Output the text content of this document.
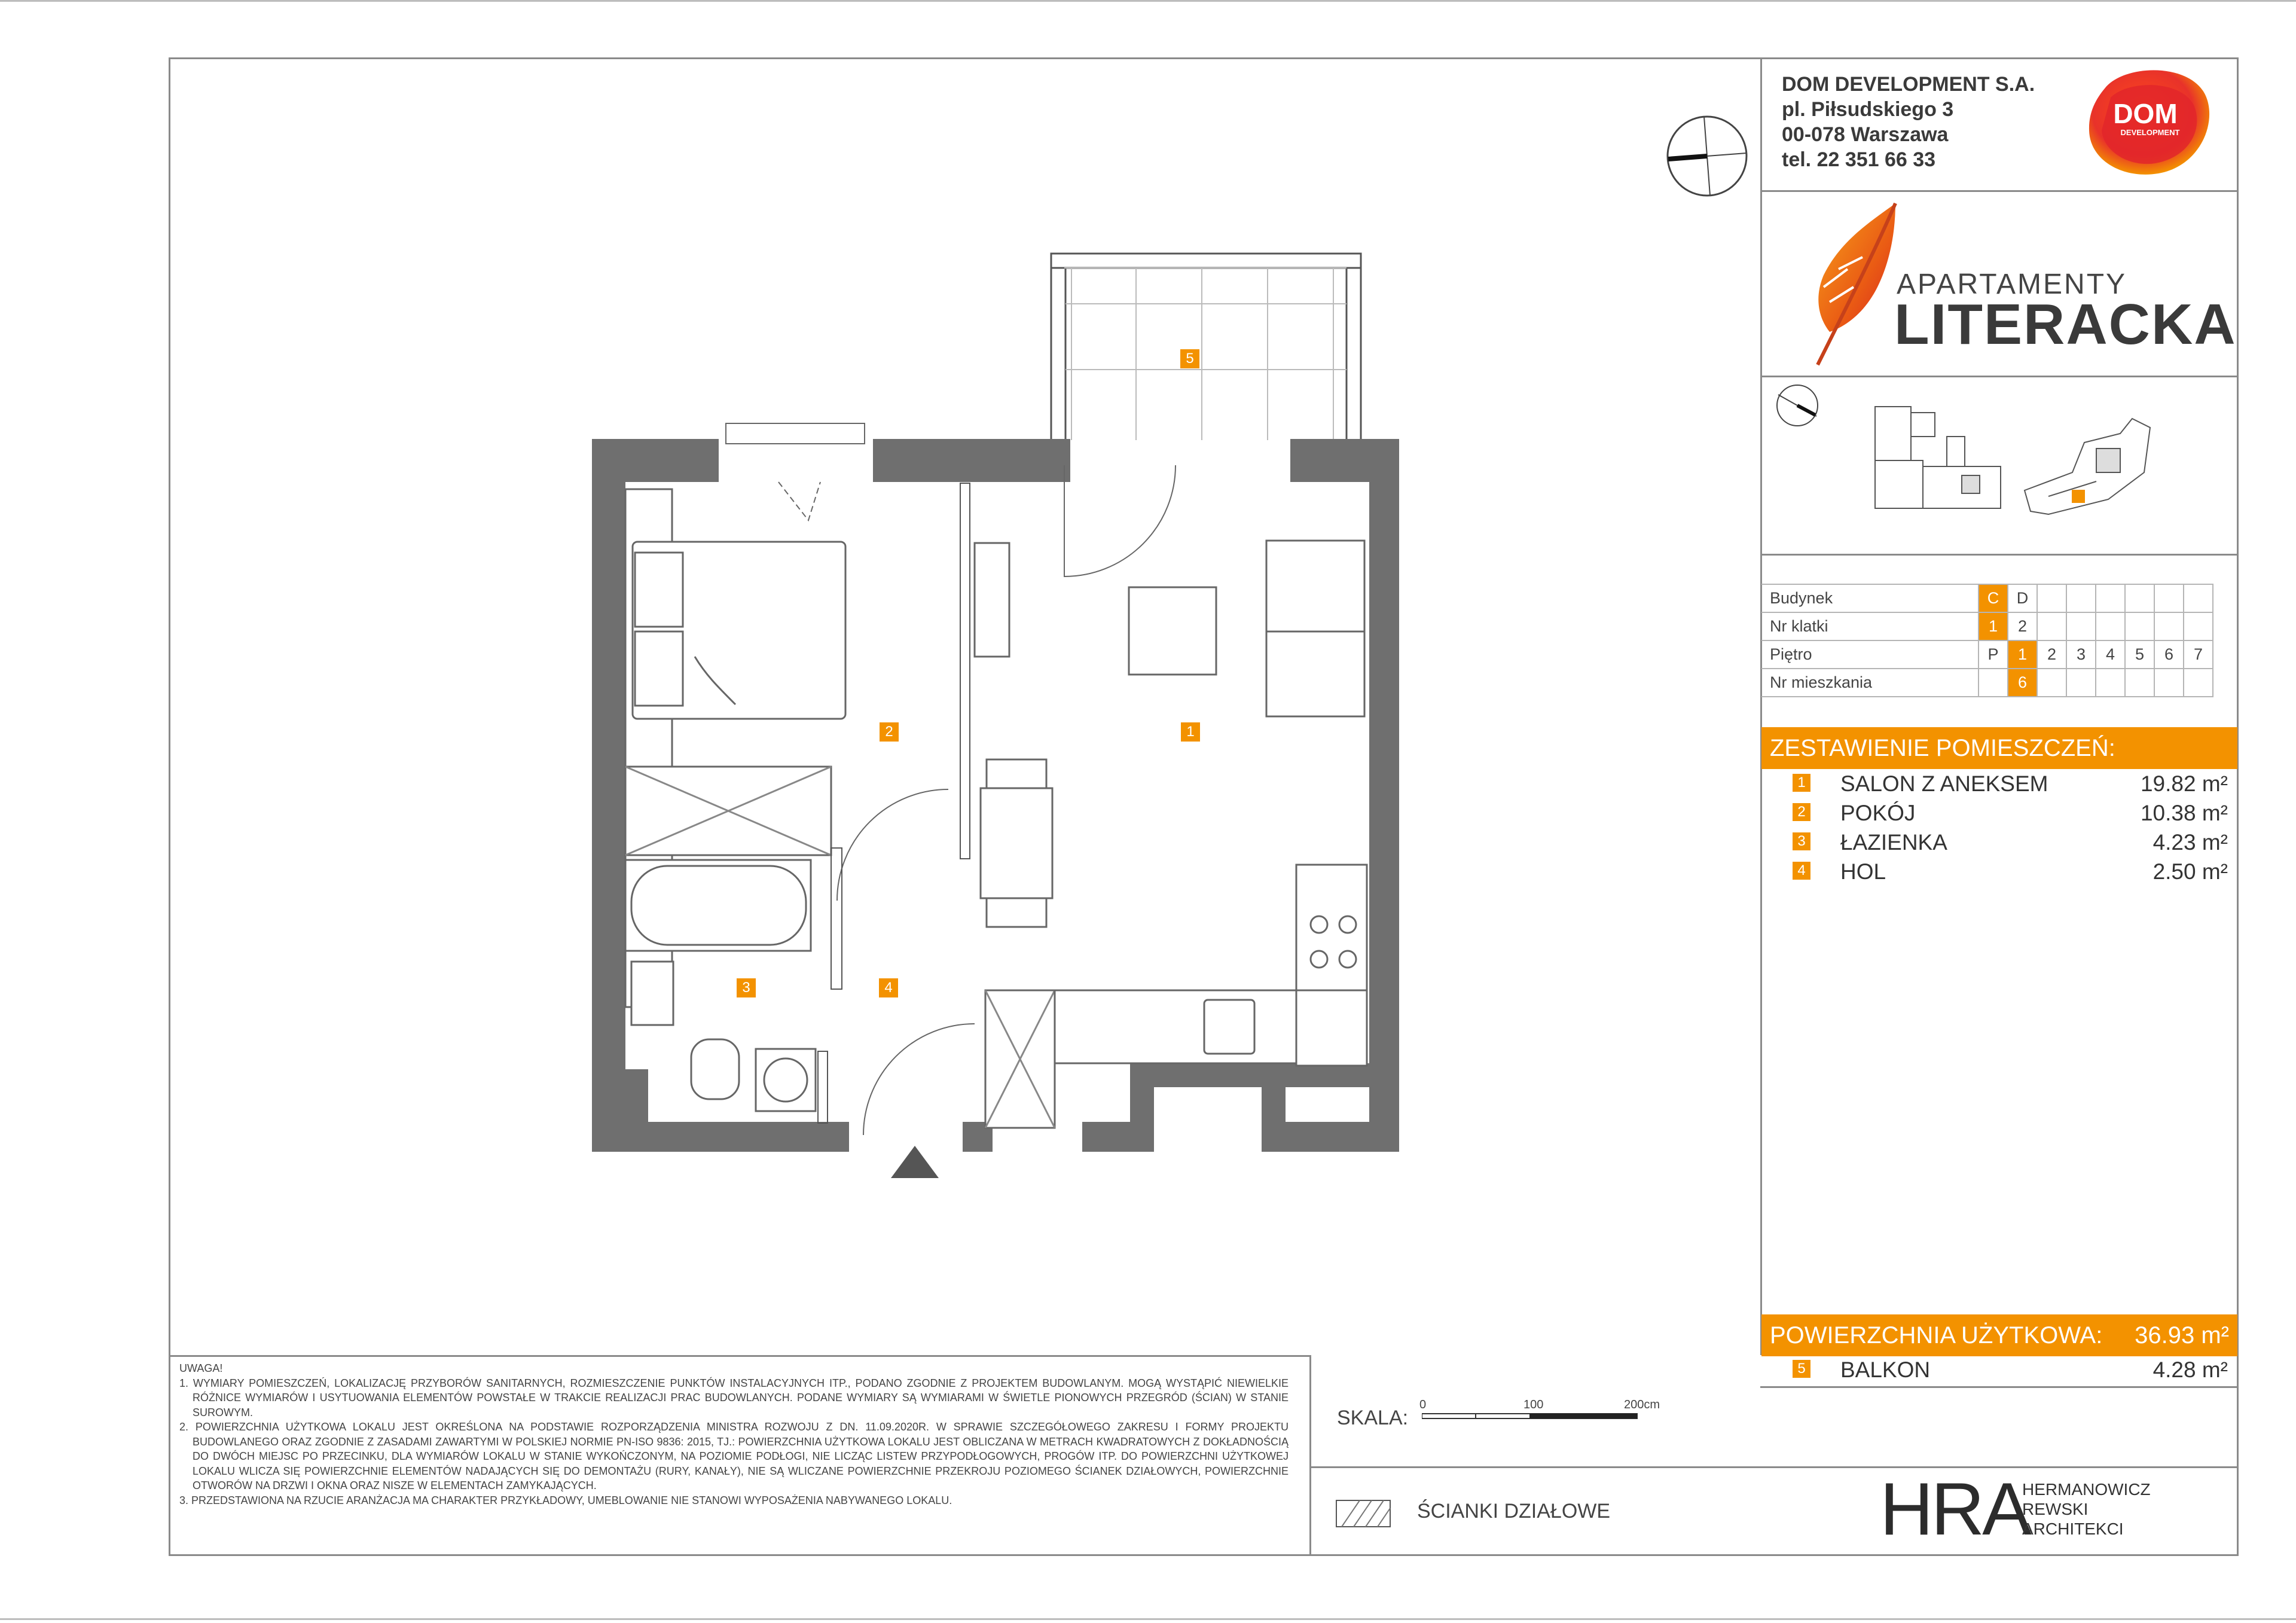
DOM DEVELOPMENT S.A.
pl. Piłsudskiego 3
00-078 Warszawa
tel. 22 351 66 33
DOM
DEVELOPMENT
APARTAMENTY
LITERACKA
Budynek	C	D						
Nr klatki	1	2						
Piętro	P	1	2	3	4	5	6	7
Nr mieszkania		6						
ZESTAWIENIE POMIESZCZEŃ:
1 SALON Z ANEKSEM	19.82 m²
2 POKÓJ	10.38 m²
3 ŁAZIENKA	4.23 m²
4 HOL	2.50 m²
POWIERZCHNIA UŻYTKOWA: 36.93 m²
5 BALKON	4.28 m²
UWAGA!
1. WYMIARY POMIESZCZEŃ, LOKALIZACJĘ PRZYBORÓW SANITARNYCH, ROZMIESZCZENIE PUNKTÓW INSTALACYJNYCH ITP., PODANO ZGODNIE Z PROJEKTEM BUDOWLANYM. MOGĄ WYSTĄPIĆ NIEWIELKIE RÓŻNICE WYMIARÓW I USYTUOWANIA ELEMENTÓW POWSTAŁE W TRAKCIE REALIZACJI PRAC BUDOWLANYCH. PODANE WYMIARY SĄ WYMIARAMI W ŚWIETLE PIONOWYCH PRZEGRÓD (ŚCIAN) W STANIE SUROWYM.
2. POWIERZCHNIA UŻYTKOWA LOKALU JEST OKREŚLONA NA PODSTAWIE ROZPORZĄDZENIA MINISTRA ROZWOJU Z DN. 11.09.2020R. W SPRAWIE SZCZEGÓŁOWEGO ZAKRESU I FORMY PROJEKTU BUDOWLANEGO ORAZ ZGODNIE Z ZASADAMI ZAWARTYMI W POLSKIEJ NORMIE PN-ISO 9836: 2015, TJ.: POWIERZCHNIA UŻYTKOWA LOKALU JEST OBLICZANA W METRACH KWADRATOWYCH Z DOKŁADNOŚCIĄ DO DWÓCH MIEJSC PO PRZECINKU, DLA WYMIARÓW LOKALU W STANIE WYKOŃCZONYM, NA POZIOMIE PODŁOGI, NIE LICZĄC LISTEW PRZYPODŁOGOWYCH, PROGÓW ITP. DO POWIERZCHNI UŻYTKOWEJ LOKALU WLICZA SIĘ POWIERZCHNIE ELEMENTÓW NADAJĄCYCH SIĘ DO DEMONTAŻU (RURY, KANAŁY), NIE SĄ WLICZANE POWIERZCHNIE PRZEKROJU POZIOMEGO ŚCIANEK DZIAŁOWYCH, POWIERZCHNIE OTWORÓW NA DRZWI I OKNA ORAZ NISZE W ELEMENTACH ZAMYKAJĄCYCH.
3. PRZEDSTAWIONA NA RZUCIE ARANŻACJA MA CHARAKTER PRZYKŁADOWY, UMEBLOWANIE NIE STANOWI WYPOSAŻENIA NABYWANEGO LOKALU.
SKALA:
0	100	200cm
ŚCIANKI DZIAŁOWE	HRA
HERMANOWICZ
REWSKI
ARCHITEKCI
1
2
3	4
5
